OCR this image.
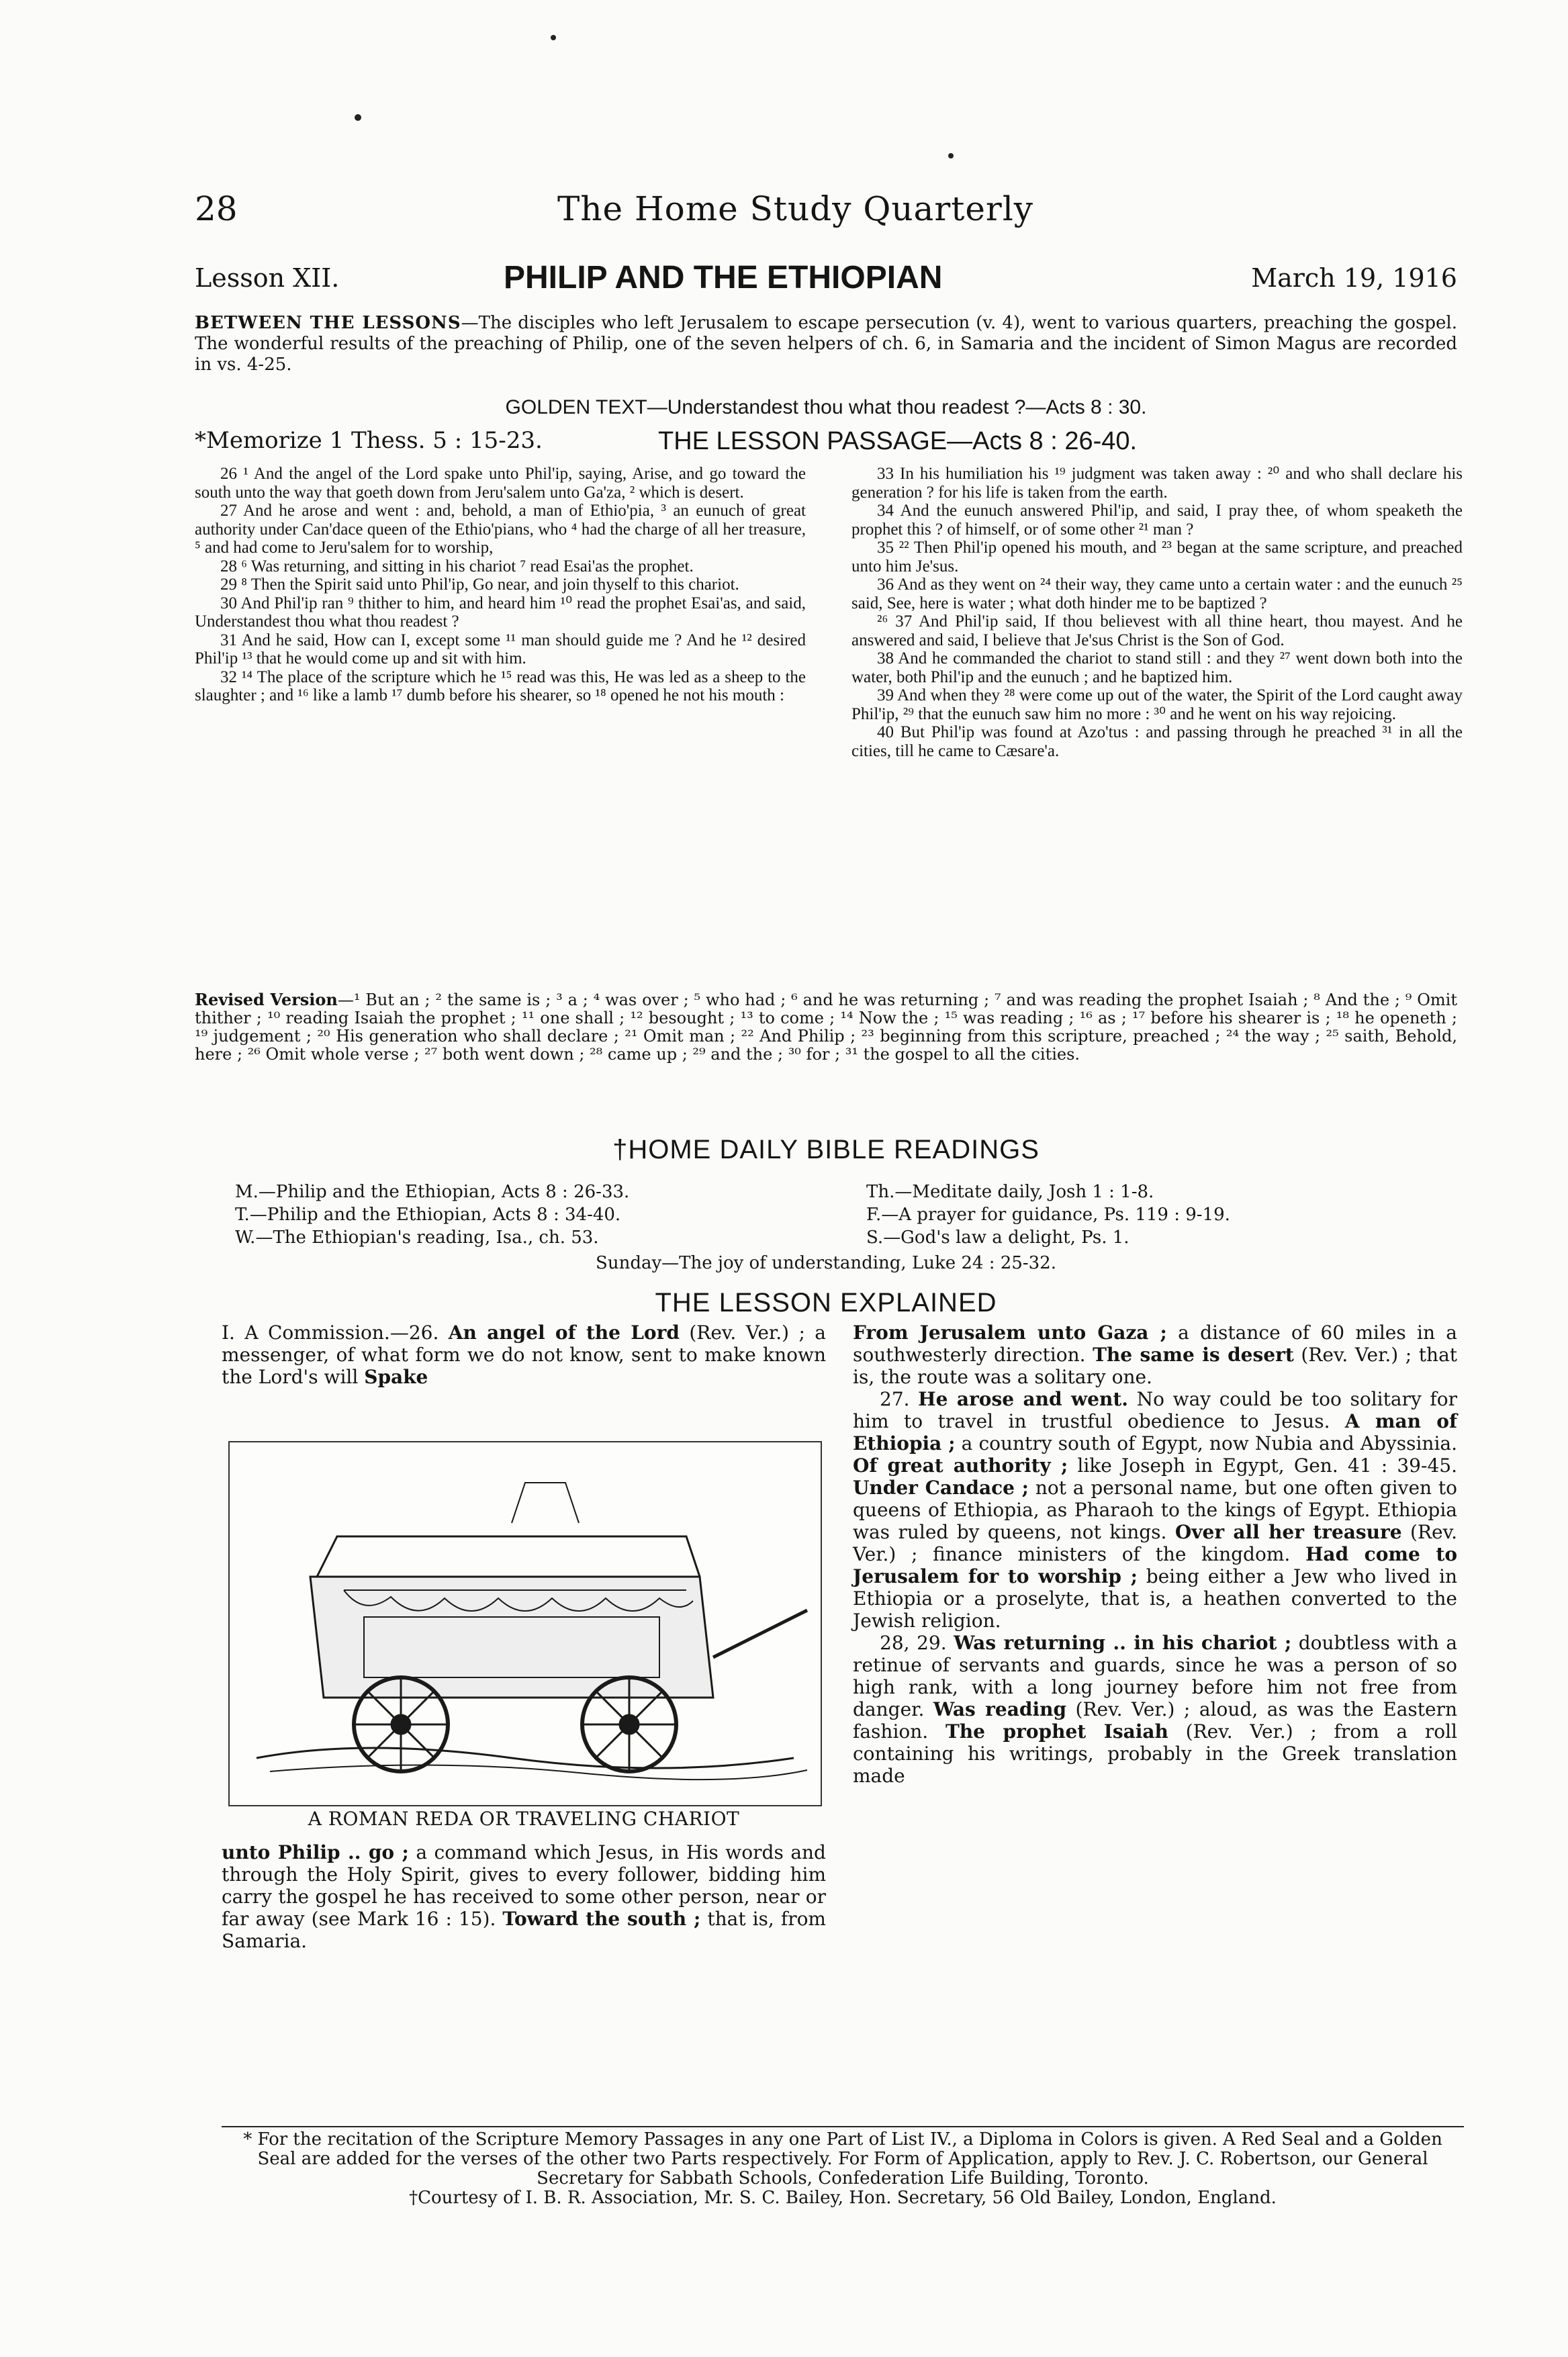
28	The Home Study Quarterly
Lesson XII.	PHILIP AND THE ETHIOPIAN	March 19, 1916
BETWEEN THE LESSONS—The disciples who left Jerusalem to escape persecution (v. 4), went to various quarters, preaching the gospel. The wonderful results of the preaching of Philip, one of the seven helpers of ch. 6, in Samaria and the incident of Simon Magus are recorded in vs. 4-25.
GOLDEN TEXT—Understandest thou what thou readest ?—Acts 8 : 30.
*Memorize 1 Thess. 5 : 15-23.	THE LESSON PASSAGE—Acts 8 : 26-40.

26 ¹ And the angel of the Lord spake unto Phil'ip, saying, Arise, and go toward the south unto the way that goeth down from Jeru'salem unto Ga'za, ² which is desert.

27 And he arose and went : and, behold, a man of Ethio'pia, ³ an eunuch of great authority under Can'dace queen of the Ethio'pians, who ⁴ had the charge of all her treasure, ⁵ and had come to Jeru'salem for to worship,

28 ⁶ Was returning, and sitting in his chariot ⁷ read Esai'as the prophet.

29 ⁸ Then the Spirit said unto Phil'ip, Go near, and join thyself to this chariot.

30 And Phil'ip ran ⁹ thither to him, and heard him ¹⁰ read the prophet Esai'as, and said, Understandest thou what thou readest ?

31 And he said, How can I, except some ¹¹ man should guide me ? And he ¹² desired Phil'ip ¹³ that he would come up and sit with him.

32 ¹⁴ The place of the scripture which he ¹⁵ read was this, He was led as a sheep to the slaughter ; and ¹⁶ like a lamb ¹⁷ dumb before his shearer, so ¹⁸ opened he not his mouth :

33 In his humiliation his ¹⁹ judgment was taken away : ²⁰ and who shall declare his generation ? for his life is taken from the earth.

34 And the eunuch answered Phil'ip, and said, I pray thee, of whom speaketh the prophet this ? of himself, or of some other ²¹ man ?

35 ²² Then Phil'ip opened his mouth, and ²³ began at the same scripture, and preached unto him Je'sus.

36 And as they went on ²⁴ their way, they came unto a certain water : and the eunuch ²⁵ said, See, here is water ; what doth hinder me to be baptized ?

²⁶ 37 And Phil'ip said, If thou believest with all thine heart, thou mayest. And he answered and said, I believe that Je'sus Christ is the Son of God.

38 And he commanded the chariot to stand still : and they ²⁷ went down both into the water, both Phil'ip and the eunuch ; and he baptized him.

39 And when they ²⁸ were come up out of the water, the Spirit of the Lord caught away Phil'ip, ²⁹ that the eunuch saw him no more : ³⁰ and he went on his way rejoicing.

40 But Phil'ip was found at Azo'tus : and passing through he preached ³¹ in all the cities, till he came to Cæsare'a.

Revised Version—¹ But an ; ² the same is ; ³ a ; ⁴ was over ; ⁵ who had ; ⁶ and he was returning ; ⁷ and was reading the prophet Isaiah ; ⁸ And the ; ⁹ Omit thither ; ¹⁰ reading Isaiah the prophet ; ¹¹ one shall ; ¹² besought ; ¹³ to come ; ¹⁴ Now the ; ¹⁵ was reading ; ¹⁶ as ; ¹⁷ before his shearer is ; ¹⁸ he openeth ; ¹⁹ judgement ; ²⁰ His generation who shall declare ; ²¹ Omit man ; ²² And Philip ; ²³ beginning from this scripture, preached ; ²⁴ the way ; ²⁵ saith, Behold, here ; ²⁶ Omit whole verse ; ²⁷ both went down ; ²⁸ came up ; ²⁹ and the ; ³⁰ for ; ³¹ the gospel to all the cities.
†HOME DAILY BIBLE READINGS
M.—Philip and the Ethiopian, Acts 8 : 26-33.	Th.—Meditate daily, Josh 1 : 1-8.
T.—Philip and the Ethiopian, Acts 8 : 34-40.	F.—A prayer for guidance, Ps. 119 : 9-19.
W.—The Ethiopian's reading, Isa., ch. 53.	S.—God's law a delight, Ps. 1.
Sunday—The joy of understanding, Luke 24 : 25-32.
THE LESSON EXPLAINED

I. A Commission.—26. An angel of the Lord (Rev. Ver.) ; a messenger, of what form we do not know, sent to make known the Lord's will Spake

A ROMAN REDA OR TRAVELING CHARIOT

unto Philip .. go ; a command which Jesus, in His words and through the Holy Spirit, gives to every follower, bidding him carry the gospel he has received to some other person, near or far away (see Mark 16 : 15). Toward the south ; that is, from Samaria.

From Jerusalem unto Gaza ; a distance of 60 miles in a southwesterly direction. The same is desert (Rev. Ver.) ; that is, the route was a solitary one.

27. He arose and went. No way could be too solitary for him to travel in trustful obedience to Jesus. A man of Ethiopia ; a country south of Egypt, now Nubia and Abyssinia. Of great authority ; like Joseph in Egypt, Gen. 41 : 39-45. Under Candace ; not a personal name, but one often given to queens of Ethiopia, as Pharaoh to the kings of Egypt. Ethiopia was ruled by queens, not kings. Over all her treasure (Rev. Ver.) ; finance ministers of the kingdom. Had come to Jerusalem for to worship ; being either a Jew who lived in Ethiopia or a proselyte, that is, a heathen converted to the Jewish religion.

28, 29. Was returning .. in his chariot ; doubtless with a retinue of servants and guards, since he was a person of so high rank, with a long journey before him not free from danger. Was reading (Rev. Ver.) ; aloud, as was the Eastern fashion. The prophet Isaiah (Rev. Ver.) ; from a roll containing his writings, probably in the Greek translation made

* For the recitation of the Scripture Memory Passages in any one Part of List IV., a Diploma in Colors is given. A Red Seal and a Golden Seal are added for the verses of the other two Parts respectively. For Form of Application, apply to Rev. J. C. Robertson, our General Secretary for Sabbath Schools, Confederation Life Building, Toronto.

†Courtesy of I. B. R. Association, Mr. S. C. Bailey, Hon. Secretary, 56 Old Bailey, London, England.
